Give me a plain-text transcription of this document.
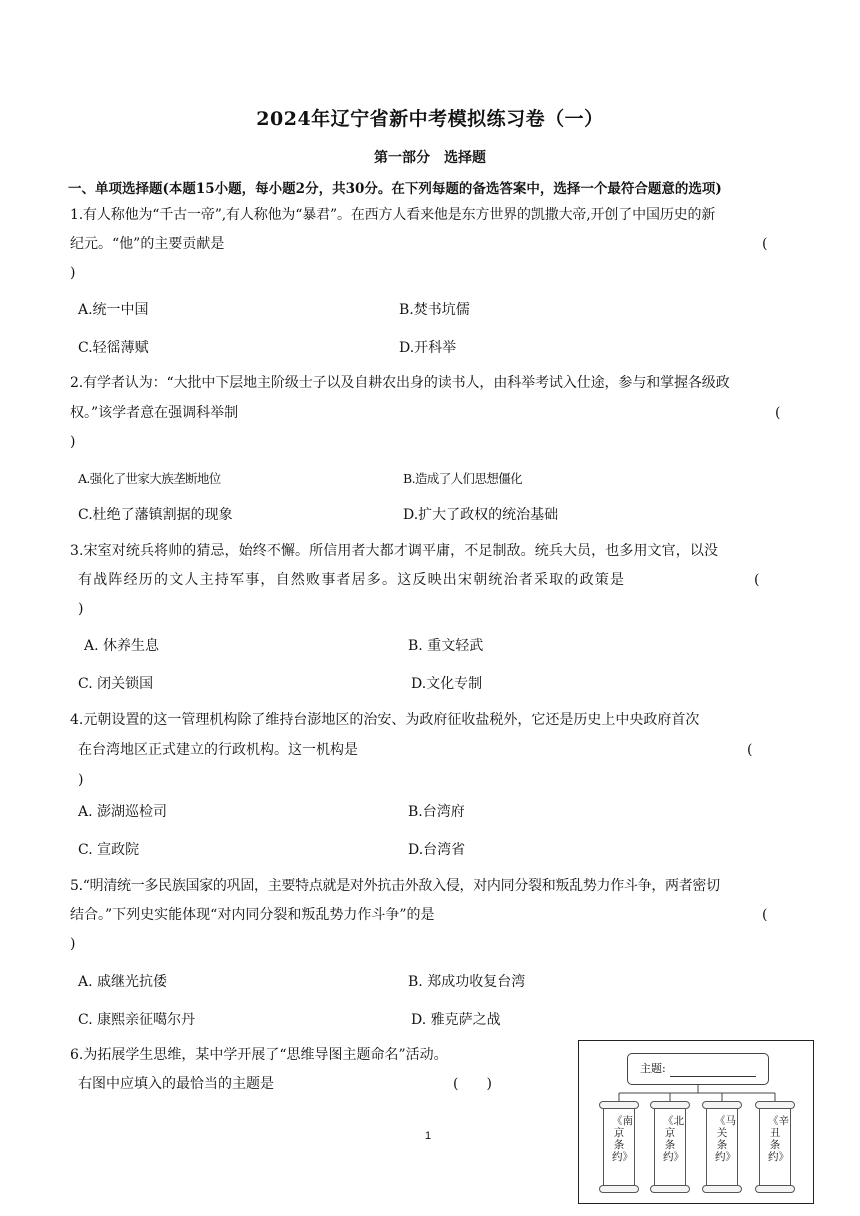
2024年辽宁省新中考模拟练习卷（一）
第一部分　选择题
一、单项选择题(本题15小题，每小题2分，共30分。在下列每题的备选答案中，选择一个最符合题意的选项)
1.有人称他为“千古一帝”,有人称他为“暴君”。在西方人看来他是东方世界的凯撒大帝,开创了中国历史的新
纪元。“他”的主要贡献是	(
)
A.统一中国	B.焚书坑儒
C.轻徭薄赋	D.开科举
2.有学者认为：“大批中下层地主阶级士子以及自耕农出身的读书人，由科举考试入仕途，参与和掌握各级政
权。”该学者意在强调科举制	(
)
A.强化了世家大族垄断地位	B.造成了人们思想僵化
C.杜绝了藩镇割据的现象	D.扩大了政权的统治基础
3.宋室对统兵将帅的猜忌，始终不懈。所信用者大都才调平庸，不足制敌。统兵大员，也多用文官，以没
有战阵经历的文人主持军事，自然败事者居多。这反映出宋朝统治者采取的政策是	(
)
A. 休养生息	B. 重文轻武
C. 闭关锁国	D.文化专制
4.元朝设置的这一管理机构除了维持台澎地区的治安、为政府征收盐税外，它还是历史上中央政府首次
在台湾地区正式建立的行政机构。这一机构是	(
)
A. 澎湖巡检司	B.台湾府
C. 宣政院	D.台湾省
5.“明清统一多民族国家的巩固，主要特点就是对外抗击外敌入侵，对内同分裂和叛乱势力作斗争，两者密切
结合。”下列史实能体现“对内同分裂和叛乱势力作斗争”的是	(
)
A. 戚继光抗倭	B. 郑成功收复台湾
C. 康熙亲征噶尔丹	D. 雅克萨之战
6.为拓展学生思维，某中学开展了“思维导图主题命名”活动。
右图中应填入的最恰当的主题是	(　　)
1
主题:
《南京条约》
《北京条约》
《马关条约》
《辛丑条约》
